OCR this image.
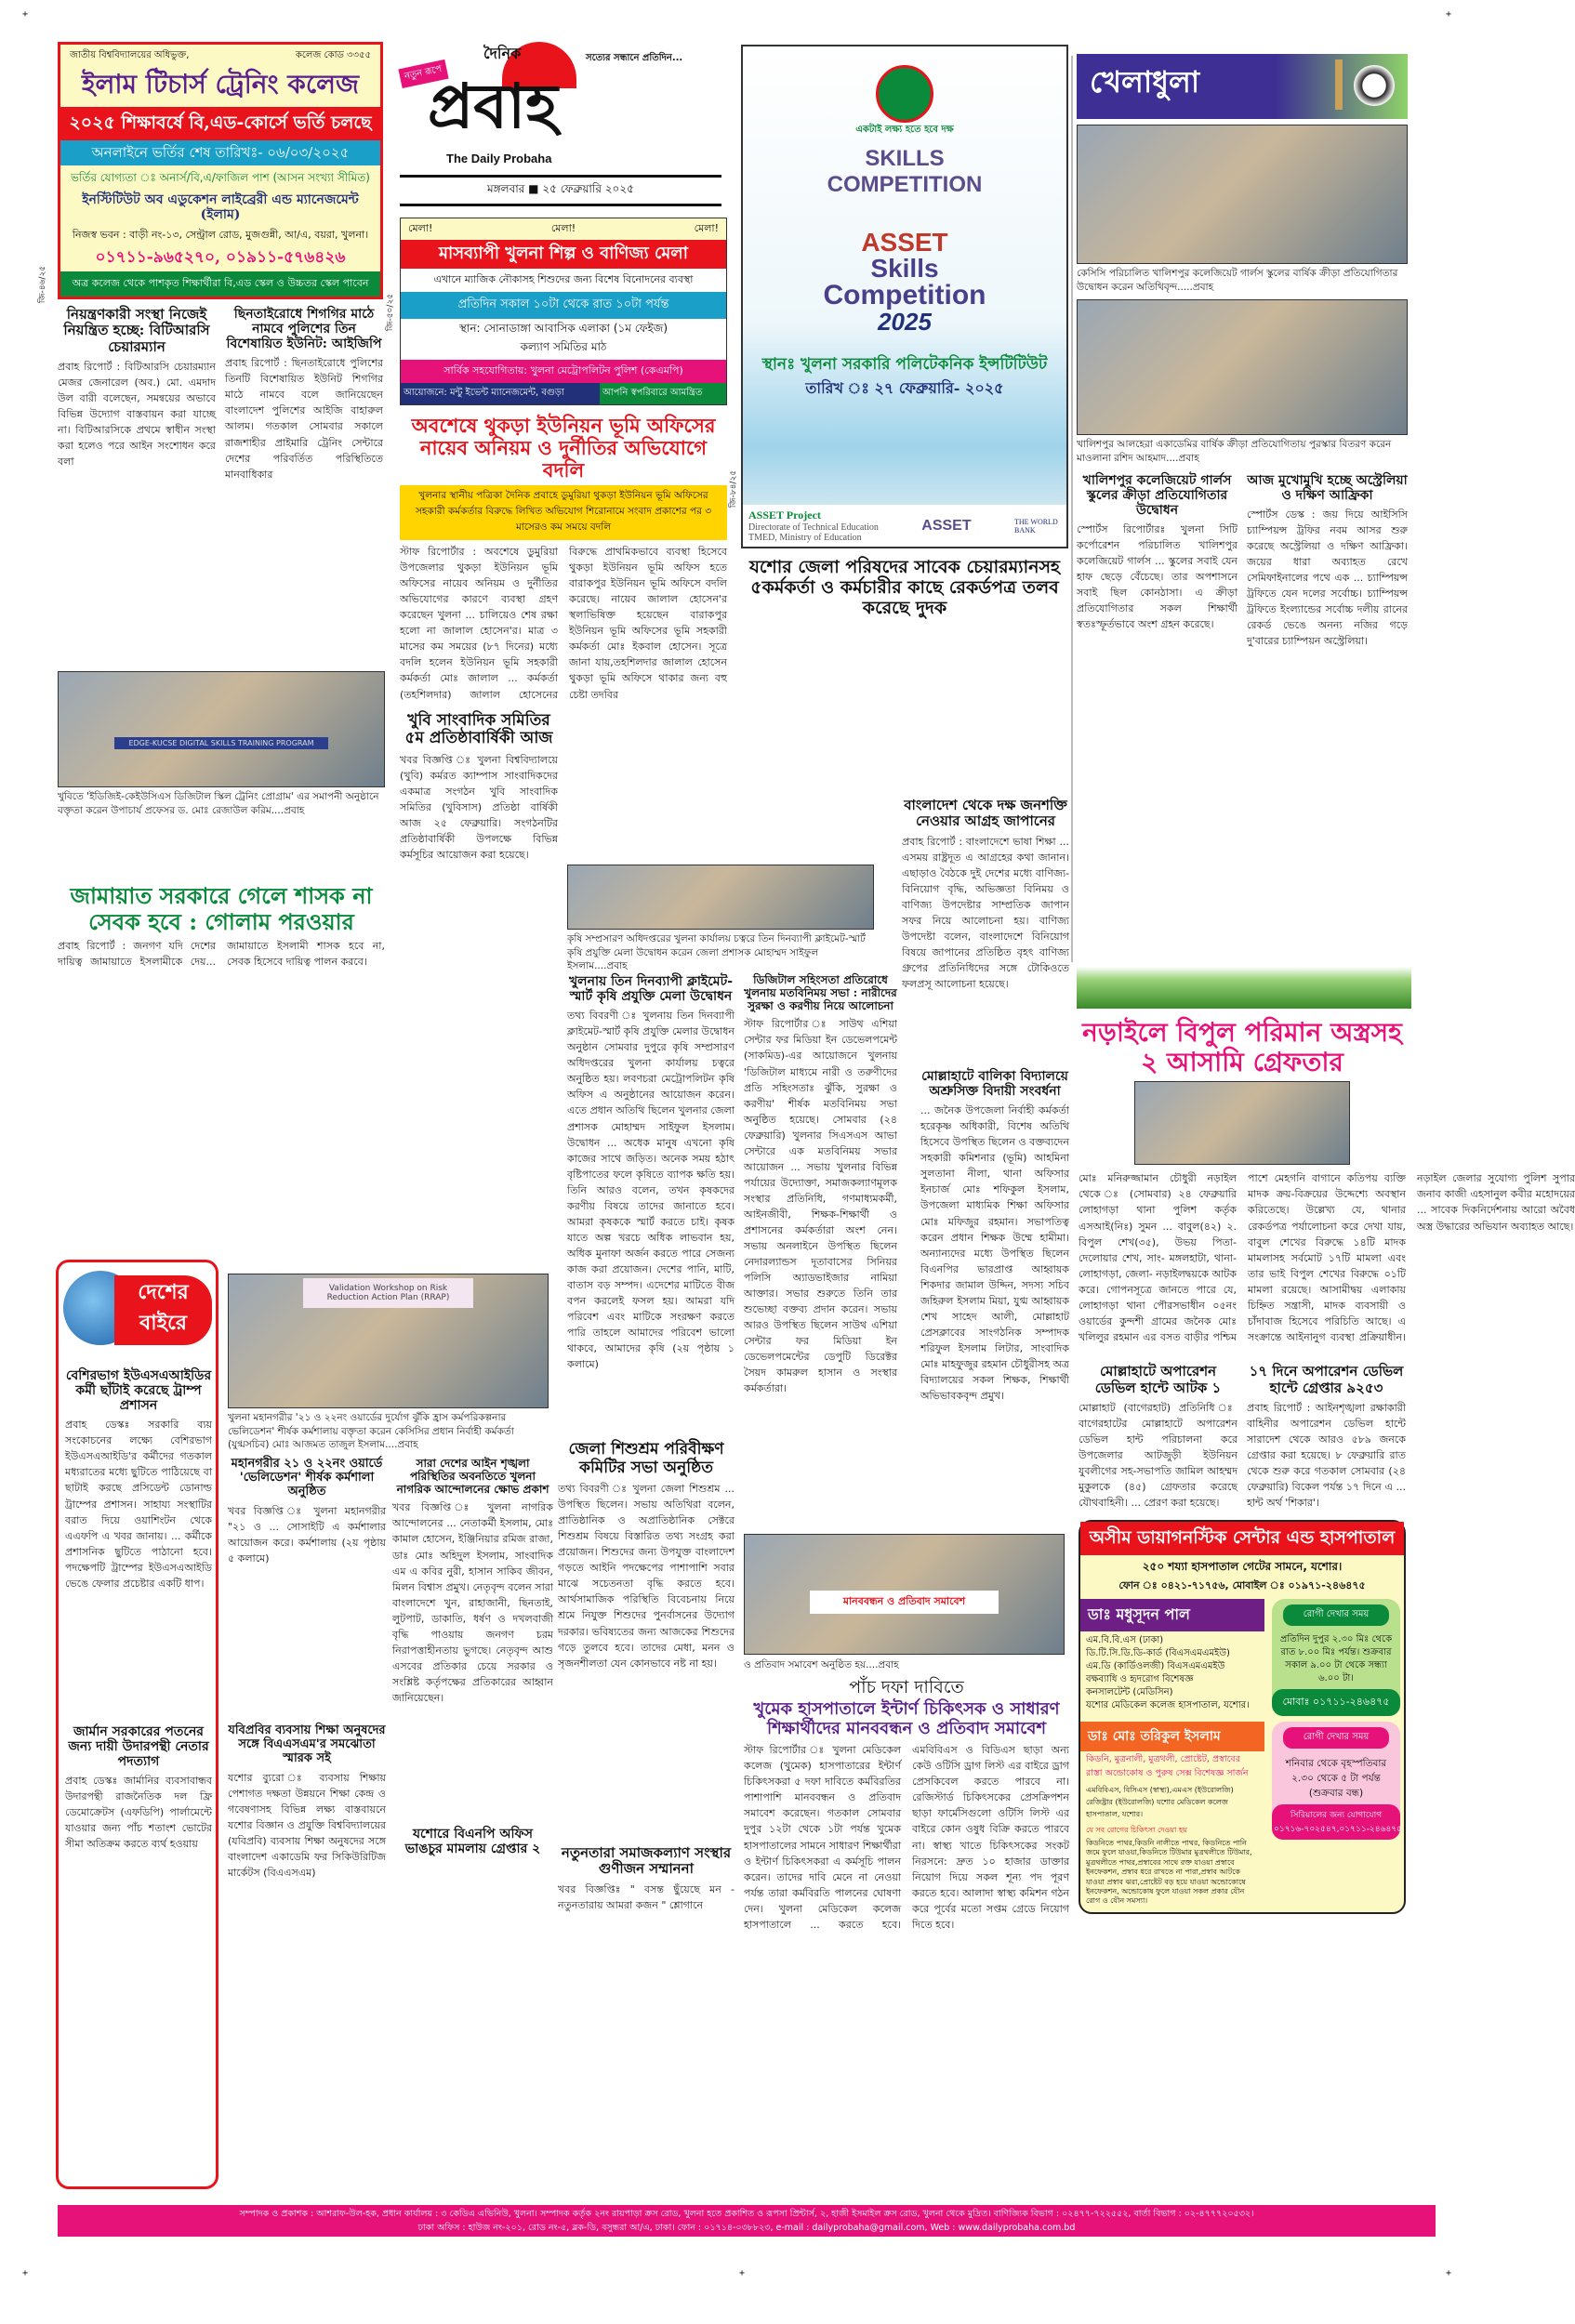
+	+
+	+	+
জাতীয় বিশ্ববিদ্যালয়ের অধিভুক্ত,	কলেজ কোড ৩৩৫৫
ইলাম টিচার্স ট্রেনিং কলেজ
২০২৫ শিক্ষাবর্ষে বি,এড-কোর্সে ভর্তি চলছে
অনলাইনে ভর্তির শেষ তারিখঃ- ০৬/০৩/২০২৫
ভর্তির যোগ্যতা ঃ অনার্স/বি,এ/ফাজিল পাশ (আসন সংখ্যা সীমিত)
ইনস্টিটিউট অব এডুকেশন লাইব্রেরী এন্ড ম্যানেজমেন্ট (ইলাম)
নিজস্ব ভবন : বাড়ী নং-১৩, সেন্ট্রাল রোড, মুজগুন্নী, আ/এ, বয়রা, খুলনা।
০১৭১১-৯৬৫২৭০, ০১৯১১-৫৭৬৪২৬
অত্র কলেজ থেকে পাশকৃত শিক্ষার্থীরা বি,এড স্কেল ও উচ্চতর স্কেল পাবেন
নিয়ন্ত্রণকারী সংস্থা নিজেই নিয়ন্ত্রিত হচ্ছে: বিটিআরসি চেয়ারম্যান
প্রবাহ রিপোর্ট : বিটিআরসি চেয়ারম্যান মেজর জেনারেল (অব.) মো. এমদাদ উল বারী বলেছেন, সমন্বয়ের অভাবে বিভিন্ন উদ্যোগ বাস্তবায়ন করা যাচ্ছে না। বিটিআরসিকে প্রথমে স্বাধীন সংস্থা করা হলেও পরে আইন সংশোধন করে বলা
ছিনতাইরোধে শিগগির মাঠে নামবে পুলিশের তিন বিশেষায়িত ইউনিট: আইজিপি
প্রবাহ রিপোর্ট : ছিনতাইরোধে পুলিশের তিনটি বিশেষায়িত ইউনিট শিগগির মাঠে নামবে বলে জানিয়েছেন বাংলাদেশ পুলিশের আইজি বাহারুল আলম। গতকাল সোমবার সকালে রাজশাহীর প্রাইমারি ট্রেনিং সেন্টারে দেশের পরিবর্তিত পরিস্থিতিতে মানবাধিকার
জি-৪৬/২৫
নতুন রূপে
দৈনিক	সত্যের সন্ধানে প্রতিদিন...
প্রবাহ
The Daily Probaha
মঙ্গলবার ■ ২৫ ফেব্রুয়ারি ২০২৫
মেলা!	মেলা!	মেলা!
মাসব্যাপী খুলনা শিল্প ও বাণিজ্য মেলা
এখানে ম্যাজিক নৌকাসহ শিশুদের জন্য বিশেষ বিনোদনের ব্যবস্থা
প্রতিদিন সকাল ১০টা থেকে রাত ১০টা পর্যন্ত
স্থান: সোনাডাঙ্গা আবাসিক এলাকা (১ম ফেইজ)
কল্যাণ সমিতির মাঠ
সার্বিক সহযোগিতায়: খুলনা মেট্রোপলিটন পুলিশ (কেএমপি)
আয়োজনে: মন্টু ইভেন্ট ম্যানেজমেন্ট, বগুড়া	আপনি স্বপরিবারে আমন্ত্রিত
অবশেষে থুকড়া ইউনিয়ন ভূমি অফিসের নায়েব অনিয়ম ও দুর্নীতির অভিযোগে বদলি
খুলনার স্থানীয় পত্রিকা দৈনিক প্রবাহে ডুমুরিয়া থুকড়া ইউনিয়ন ভূমি অফিসের সহকারী কর্মকর্তার বিরুদ্ধে লিখিত অভিযোগ শিরোনামে সংবাদ প্রকাশের পর ৩ মাসেরও কম সময়ে বদলি
স্টাফ রিপোর্টার : অবশেষে ডুমুরিয়া উপজেলার থুকড়া ইউনিয়ন ভূমি অফিসের নায়েব অনিয়ম ও দুর্নীতির অভিযোগের কারণে ব্যবস্থা গ্রহণ করেছেন খুলনা ... চালিয়েও শেষ রক্ষা হলো না জালাল হোসেন'র। মাত্র ৩ মাসের কম সময়ের (৮৭ দিনের) মধ্যে বদলি হলেন ইউনিয়ন ভূমি সহকারী কর্মকর্তা মোঃ জালাল ... কর্মকর্তা (তহশিলদার) জালাল হোসেনের বিরুদ্ধে প্রাথমিকভাবে ব্যবস্থা হিসেবে থুকড়া ইউনিয়ন ভূমি অফিস হতে বারাকপুর ইউনিয়ন ভূমি অফিসে বদলি করেছে। নায়েব জালাল হোসেন'র স্থলাভিষিক্ত হয়েছেন বারাকপুর ইউনিয়ন ভূমি অফিসের ভূমি সহকারী কর্মকর্তা মোঃ ইকবাল হোসেন। সূত্রে জানা যায়,তহশিলদার জালাল হোসেন থুকড়া ভূমি অফিসে থাকার জন্য বহু চেষ্টা তদবির
খুবি সাংবাদিক সমিতির ৫ম প্রতিষ্ঠাবার্ষিকী আজ
খবর বিজ্ঞপ্তি ঃ খুলনা বিশ্ববিদ্যালয়ে (খুবি) কর্মরত ক্যাম্পাস সাংবাদিকদের একমাত্র সংগঠন খুবি সাংবাদিক সমিতির (খুবিসাস) প্রতিষ্ঠা বার্ষিকী আজ ২৫ ফেব্রুয়ারি। সংগঠনটির প্রতিষ্ঠাবার্ষিকী উপলক্ষে বিভিন্ন কর্মসূচির আয়োজন করা হয়েছে।
জি-৫০/২৫
একটাই লক্ষ্য হতে হবে দক্ষ
SKILLS
COMPETITION
ASSET
Skills
Competition
2025
স্থানঃ খুলনা সরকারি পলিটেকনিক ইন্সটিটিউট
তারিখ ঃ ২৭ ফেব্রুয়ারি- ২০২৫
ASSET Project
Directorate of Technical Education
TMED, Ministry of Education
ASSET	THE WORLD BANK
জি-৮৪/২৫
খেলাধুলা
কেসিসি পরিচালিত খালিশপুর কলেজিয়েট গার্লস স্কুলের বার্ষিক ক্রীড়া প্রতিযোগিতার উদ্বোধন করেন অতিথিবৃন্দ.....প্রবাহ
খালিশপুর আলহেরা একাডেমির বার্ষিক ক্রীড়া প্রতিযোগিতায় পুরস্কার বিতরণ করেন মাওলানা রশিদ আহমাদ....প্রবাহ
খালিশপুর কলেজিয়েট গার্লস স্কুলের ক্রীড়া প্রতিযোগিতার উদ্বোধন
স্পোর্টস রিপোর্টারঃ খুলনা সিটি কর্পোরেশন পরিচালিত খালিশপুর কলেজিয়েট গার্লস ... স্কুলের সবাই যেন হাফ ছেড়ে বেঁচেছে। তার অপশাসনে সবাই ছিল কোনঠাসা। এ ক্রীড়া প্রতিযোগিতার সকল শিক্ষার্থী স্বতঃস্ফূর্তভাবে অংশ গ্রহন করেছে।
আজ মুখোমুখি হচ্ছে অস্ট্রেলিয়া ও দক্ষিণ আফ্রিকা
স্পোর্টস ডেস্ক : জয় দিয়ে আইসিসি চ্যাম্পিয়ন্স ট্রফির নবম আসর শুরু করেছে অস্ট্রেলিয়া ও দক্ষিণ আফ্রিকা। জয়ের ধারা অব্যাহত রেখে সেমিফাইনালের পথে এক ... চ্যাম্পিয়ন্স ট্রফিতে যেন দলের সর্বোচ্চ। চ্যাম্পিয়ন্স ট্রফিতে ইংল্যান্ডের সর্বোচ্চ দলীয় রানের রেকর্ড ভেঙে অনন্য নজির গড়ে দু'বারের চ্যাম্পিয়ন অস্ট্রেলিয়া।
জামায়াত সরকারে গেলে শাসক না সেবক হবে : গোলাম পরওয়ার
প্রবাহ রিপোর্ট : জনগণ যদি দেশের দায়িত্ব জামায়াতে ইসলামীকে দেয়... জামায়াতে ইসলামী শাসক হবে না, সেবক হিসেবে দায়িত্ব পালন করবে।
যশোর জেলা পরিষদের সাবেক চেয়ারম্যানসহ ৫কর্মকর্তা ও কর্মচারীর কাছে রেকর্ডপত্র তলব করেছে দুদক
বাংলাদেশ থেকে দক্ষ জনশক্তি নেওয়ার আগ্রহ জাপানের
প্রবাহ রিপোর্ট : বাংলাদেশে ভাষা শিক্ষা ... এসময় রাষ্ট্রদূত এ আগ্রহের কথা জানান। এছাড়াও বৈঠকে দুই দেশের মধ্যে বাণিজ্য-বিনিয়োগ বৃদ্ধি, অভিজ্ঞতা বিনিময় ও বাণিজ্য উপদেষ্টার সাম্প্রতিক জাপান সফর নিয়ে আলোচনা হয়। বাণিজ্য উপদেষ্টা বলেন, বাংলাদেশে বিনিয়োগ বিষয়ে জাপানের প্রতিষ্ঠিত বৃহৎ বাণিজ্য গ্রুপের প্রতিনিধিদের সঙ্গে টোকিওতে ফলপ্রসূ আলোচনা হয়েছে।
খুলনায় তিন দিনব্যাপী ক্লাইমেট-স্মার্ট কৃষি প্রযুক্তি মেলা উদ্বোধন
তথ্য বিবরণী ঃ খুলনায় তিন দিনব্যাপী ক্লাইমেট-স্মার্ট কৃষি প্রযুক্তি মেলার উদ্বোধন অনুষ্ঠান সোমবার দুপুরে কৃষি সম্প্রসারণ অধিদপ্তরের খুলনা কার্যালয় চত্বরে অনুষ্ঠিত হয়। লবণচরা মেট্রোপলিটন কৃষি অফিস এ অনুষ্ঠানের আয়োজন করেন। এতে প্রধান অতিথি ছিলেন খুলনার জেলা প্রশাসক মোহাম্মদ সাইফুল ইসলাম। উদ্বোধন ... অধেক মানুষ এখনো কৃষি কাজের সাথে জড়িত। অনেক সময় হঠাৎ বৃষ্টিপাতের ফলে কৃষিতে ব্যাপক ক্ষতি হয়। তিনি আরও বলেন, তখন কৃষকদের করণীয় বিষয়ে তাদের জানাতে হবে। আমরা কৃষককে স্মার্ট করতে চাই। কৃষক যাতে অল্প খরচে অধিক লাভবান হয়, অধিক মুনাফা অর্জন করতে পারে সেজন্য কাজ করা প্রয়োজন। দেশের পানি, মাটি, বাতাস বড় সম্পদ। এদেশের মাটিতে বীজ বপন করলেই ফসল হয়। আমরা যদি পরিবেশ এবং মাটিকে সংরক্ষণ করতে পারি তাহলে আমাদের পরিবেশ ভালো থাকবে, আমাদের কৃষি (২য় পৃষ্ঠায় ১ কলামে)
ডিজিটাল সহিংসতা প্রতিরোধে খুলনায় মতবিনিময় সভা : নারীদের সুরক্ষা ও করণীয় নিয়ে আলোচনা
স্টাফ রিপোর্টার ঃ সাউথ এশিয়া সেন্টার ফর মিডিয়া ইন ডেভেলপমেন্ট (সাকমিড)-এর আয়োজনে খুলনায় 'ডিজিটাল মাধ্যমে নারী ও তরুণীদের প্রতি সহিংসতাঃ ঝুঁকি, সুরক্ষা ও করণীয়' শীর্ষক মতবিনিময় সভা অনুষ্ঠিত হয়েছে। সোমবার (২৪ ফেব্রুয়ারি) খুলনার সিএসএস আভা সেন্টারে এক মতবিনিময় সভার আয়োজন ... সভায় খুলনার বিভিন্ন পর্যায়ের উদ্যোক্তা, সমাজকল্যাণমূলক সংস্থার প্রতিনিধি, গণমাধ্যমকর্মী, আইনজীবী, শিক্ষক-শিক্ষার্থী ও প্রশাসনের কর্মকর্তারা অংশ নেন। সভায় অনলাইনে উপস্থিত ছিলেন নেদারল্যান্ডস দূতাবাসের সিনিয়র পলিসি অ্যাডভাইজার নামিয়া আক্তার। সভার শুরুতে তিনি তার শুভেচ্ছা বক্তব্য প্রদান করেন। সভায় আরও উপস্থিত ছিলেন সাউথ এশিয়া সেন্টার ফর মিডিয়া ইন ডেভেলপমেন্টের ডেপুটি ডিরেক্টর সৈয়দ কামরুল হাসান ও সংস্থার কর্মকর্তারা।
মোল্লাহাটে বালিকা বিদ্যালয়ে অশ্রুসিক্ত বিদায়ী সংবর্ধনা
... জনৈক উপজেলা নির্বাহী কর্মকর্তা হরেকৃষ্ণ অধিকারী, বিশেষ অতিথি হিসেবে উপস্থিত ছিলেন ও বক্তব্যদেন সহকারী কমিশনার (ভূমি) আহমিনা সুলতানা নীলা, থানা অফিসার ইনচার্জ মোঃ শফিকুল ইসলাম, উপজেলা মাধ্যমিক শিক্ষা অফিসার মোঃ মফিজুর রহমান। সভাপতিত্ব করেন প্রধান শিক্ষক উম্মে হামীমা। অন্যান্যদের মধ্যে উপস্থিত ছিলেন বিএনপির ভারপ্রাপ্ত আহ্বায়ক শিকদার জামাল উদ্দিন, সদস্য সচিব জহিরুল ইসলাম মিয়া, যুগ্ম আহ্বায়ক শেখ সাহেদ আলী, মোল্লাহাট প্রেসক্লাবের সাংগঠনিক সম্পাদক শরিফুল ইসলাম লিটার, সাংবাদিক মোঃ মাহফুজুর রহমান চৌধুরীসহ অত্র বিদ্যালয়ের সকল শিক্ষক, শিক্ষার্থী অভিভাবকবৃন্দ প্রমুখ।
বেশিরভাগ ইউএসএআইডির কর্মী ছাঁটাই করেছে ট্রাম্প প্রশাসন
প্রবাহ ডেস্কঃ সরকারি ব্যয় সংকোচনের লক্ষ্যে বেশিরভাগ ইউএসএআইডি'র কর্মীদের গতকাল মধ্যরাতের মধ্যে ছুটিতে পাঠিয়েছে বা ছাটাই করছে প্রসিডেন্ট ডোনাল্ড ট্রাম্পের প্রশাসন। সাহায্য সংস্থাটির বরাত দিয়ে ওয়াশিংটন থেকে এএফপি এ খবর জানায়। ... কর্মীকে প্রশাসনিক ছুটিতে পাঠানো হবে। পদক্ষেপটি ট্রাম্পের ইউএসএআইডি ভেঙে ফেলার প্রচেষ্টার একটি ধাপ।
জার্মান সরকারের পতনের জন্য দায়ী উদারপন্থী নেতার পদত্যাগ
প্রবাহ ডেস্কঃ জার্মানির ব্যবসাবান্ধব উদারপন্থী রাজনৈতিক দল ফ্রি ডেমোক্রেটস (এফডিপি) পার্লামেন্টে যাওয়ার জন্য পাঁচ শতাংশ ভোটের সীমা অতিক্রম করতে ব্যর্থ হওয়ায়
মহানগরীর ২১ ও ২২নং ওয়ার্ডে 'ভেলিডেশন' শীর্ষক কর্মশালা অনুষ্ঠিত
খবর বিজ্ঞপ্তি ঃ খুলনা মহানগরীর "২১ ও ... সোসাইটি এ কর্মশালার আয়োজন করে। কর্মশালায় (২য় পৃষ্ঠায় ৫ কলামে)
সারা দেশের আইন শৃঙ্খলা পরিস্থিতির অবনতিতে খুলনা নাগরিক আন্দোলনের ক্ষোভ প্রকাশ
খবর বিজ্ঞপ্তি ঃ খুলনা নাগরিক আন্দোলনের ... নেতাকর্মী ইসলাম, মোঃ কামাল হোসেন, ইঞ্জিনিয়ার রমিজ রাজা, ডাঃ মোঃ অহিদুল ইসলাম, সাংবাদিক এম এ কবির নুরী, হাসান সাকিব জীবন, মিলন বিশ্বাস প্রমুখ। নেতৃবৃন্দ বলেন সারা বাংলাদেশে খুন, রাহাজানী, ছিনতাই, লুটপাট, ডাকাতি, ধর্ষণ ও দখলবাজী বৃদ্ধি পাওয়ায় জনগণ চরম নিরাপত্তাহীনতায় ভুগছে। নেতৃবৃন্দ আশু এসবের প্রতিকার চেয়ে সরকার ও সংশ্লিষ্ট কর্তৃপক্ষের প্রতিকারের আহ্বান জানিয়েছেন।
জেলা শিশুশ্রম পরিবীক্ষণ কমিটির সভা অনুষ্ঠিত
তথ্য বিবরণী ঃ খুলনা জেলা শিশুশ্রম ... উপস্থিত ছিলেন। সভায় অতিথিরা বলেন, প্রাতিষ্ঠানিক ও অপ্রাতিষ্ঠানিক সেক্টরে শিশুশ্রম বিষয়ে বিস্তারিত তথ্য সংগ্রহ করা প্রয়োজন। শিশুদের জন্য উপযুক্ত বাংলাদেশ গড়তে আইনি পদক্ষেপের পাশাপাশি সবার মাঝে সচেতনতা বৃদ্ধি করতে হবে। আর্থসামাজিক পরিস্থিতি বিবেচনায় নিয়ে শ্রমে নিযুক্ত শিশুদের পুনর্বাসনের উদ্যোগ দরকার। ভবিষ্যতের জন্য আজকের শিশুদের গড়ে তুলবে হবে। তাদের মেধা, মনন ও সৃজনশীলতা যেন কোনভাবে নষ্ট না হয়।
পাঁচ দফা দাবিতে
খুমেক হাসপাতালে ইন্টার্ণ চিকিৎসক ও সাধারণ শিক্ষার্থীদের মানববন্ধন ও প্রতিবাদ সমাবেশ
স্টাফ রিপোর্টার ঃ খুলনা মেডিকেল কলেজ (খুমেক) হাসপাতারের ইন্টার্ণ চিকিৎসকরা ৫ দফা দাবিতে কর্মবিরতির পাশাপাশি মানববন্ধন ও প্রতিবাদ সমাবেশ করেছেন। গতকাল সোমবার দুপুর ১২টা থেকে ১টা পর্যন্ত খুমেক হাসপাতালের সামনে সাধারণ শিক্ষার্থীরা ও ইন্টার্ণ চিকিৎসকরা এ কর্মসূচি পালন করেন। তাদের দাবি মেনে না নেওয়া পর্যন্ত তারা কর্মবিরতি পালনের ঘোষণা দেন। খুলনা মেডিকেল কলেজ হাসপাতালে ... করতে হবে। এমবিবিএস ও বিডিএস ছাড়া অন্য কেউ ওটিসি ড্রাগ লিস্ট এর বাইরে ড্রাগ প্রেসকিবেল করতে পারবে না। রেজিস্টার্ড চিকিৎসকের প্রেসক্রিপশন ছাড়া ফার্মেসিগুলো ওটিসি লিস্ট এর বাইরে কোন ওষুধ বিক্রি করতে পারবে না। স্বাস্থ্য খাতে চিকিৎসকের সংকট নিরসনে: দ্রুত ১০ হাজার ডাক্তার নিয়োগ দিয়ে সকল শূন্য পদ পূরণ করতে হবে। আলাদা স্বাস্থ্য কমিশন গঠন করে পূর্বের মতো সপ্তম গ্রেডে নিয়োগ দিতে হবে।
যবিপ্রবির ব্যবসায় শিক্ষা অনুষদের সঙ্গে বিএএসএম'র সমঝোতা স্মারক সই
যশোর ব্যুরো ঃ ব্যবসায় শিক্ষায় পেশাগত দক্ষতা উন্নয়নে শিক্ষা কেন্দ্র ও গবেষণাসহ বিভিন্ন লক্ষ্য বাস্তবায়নে যশোর বিজ্ঞান ও প্রযুক্তি বিশ্ববিদ্যালয়ের (যবিপ্রবি) ব্যবসায় শিক্ষা অনুষদের সঙ্গে বাংলাদেশ একাডেমি ফর সিকিউরিটিজ মার্কেটস (বিএএসএম)
যশোরে বিএনপি অফিস ভাঙচুর মামলায় গ্রেপ্তার ২	নতুনতারা সমাজকল্যাণ সংস্থার গুণীজন সম্মাননা
খবর বিজ্ঞপ্তিঃ " বসন্ত ছুঁয়েছে মন - নতুনতারায় আমরা কজন " শ্লোগানে
EDGE-KUCSE DIGITAL SKILLS TRAINING PROGRAM
খুবিতে 'ইডিজিই-কেইউসিএস ডিজিটাল স্কিল ট্রেনিং প্রোগ্রাম' এর সমাপনী অনুষ্ঠানে বক্তৃতা করেন উপাচার্য প্রফেসর ড. মোঃ রেজাউল করিম....প্রবাহ
কৃষি সম্প্রসারণ অধিদপ্তরের খুলনা কার্যালয় চত্বরে তিন দিনব্যাপী ক্লাইমেট-স্মার্ট কৃষি প্রযুক্তি মেলা উদ্বোধন করেন জেলা প্রশাসক মোহাম্মদ সাইফুল ইসলাম....প্রবাহ
Validation Workshop on Risk Reduction Action Plan (RRAP)
খুলনা মহানগরীর '২১ ও ২২নং ওয়ার্ডের দুর্যোগ ঝুঁকি হ্রাস কর্মপরিকল্পনার ভেলিডেশন' শীর্ষক কর্মশালায় বক্তৃতা করেন কেসিসির প্রধান নির্বাহী কর্মকর্তা (যুগ্মসচিব) মোঃ আজমত তাজুল ইসলাম....প্রবাহ
মানববন্ধন ও প্রতিবাদ সমাবেশ
ও প্রতিবাদ সমাবেশ অনুষ্ঠিত হয়....প্রবাহ
দেশের
বাইরে
নড়াইলে বিপুল পরিমান অস্ত্রসহ ২ আসামি গ্রেফতার
মোঃ মনিরুজ্জামান চৌধুরী নড়াইল থেকে ঃ (সোমবার) ২৪ ফেব্রুয়ারি লোহাগড়া থানা পুলিশ কর্তৃক এসআই(নিঃ) সুমন ... বাবুল(৪২) ২. বিপুল শেখ(৩৫), উভয় পিতা- দেলোয়ার শেখ, সাং- মঙ্গলহাটা, থানা- লোহাগড়া, জেলা- নড়াইলদ্বয়কে আটক করে। গোপনসূত্রে জানতে পারে যে, লোহাগড়া থানা পৌরসভাধীন ০৫নং ওয়ার্ডের কুন্দশী গ্রামের জনৈক মোঃ খলিলুর রহমান এর বসত বাড়ীর পশ্চিম পাশে মেহগনি বাগানে কতিপয় ব্যক্তি মাদক ক্রয়-বিক্রয়ের উদ্দেশ্যে অবস্থান করিতেছে। উল্লেখ্য যে, থানার রেকর্ডপত্র পর্যালোচনা করে দেখা যায়, বাবুল শেখের বিরুদ্ধে ১৪টি মাদক মামলাসহ সর্বমোট ১৭টি মামলা এবং তার ভাই বিপুল শেখের বিরুদ্ধে ০১টি মামলা রয়েছে। আসামীদ্বয় এলাকায় চিহ্নিত সন্ত্রাসী, মাদক ব্যবসায়ী ও চাঁদাবাজ হিসেবে পরিচিতি আছে। এ সংক্রান্তে আইনানুগ ব্যবস্থা প্রক্রিয়াধীন। নড়াইল জেলার সুযোগ্য পুলিশ সুপার জনাব কাজী এহসানুল কবীর মহোদয়ের ... সাবেক দিকনির্দেশনায় আরো অবৈধ অস্ত্র উদ্ধারের অভিযান অব্যাহত আছে।
মোল্লাহাটে অপারেশন ডেভিল হান্টে আটক ১
মোল্লাহাট (বাগেরহাট) প্রতিনিধি ঃ বাগেরহাটের মোল্লাহাটে অপারেশন ডেভিল হান্ট পরিচালনা করে উপজেলার আটজুড়ী ইউনিয়ন যুবলীগের সহ-সভাপতি জামিল আহম্মদ মুকুলকে (৪৫) গ্রেফতার করেছে যৌথবাহিনী। ... প্রেরণ করা হয়েছে।
১৭ দিনে অপারেশন ডেভিল হান্টে গ্রেপ্তার ৯২৫৩
প্রবাহ রিপোর্ট : আইনশৃঙ্খলা রক্ষাকারী বাহিনীর অপারেশন ডেভিল হান্টে সারাদেশ থেকে আরও ৫৮৯ জনকে গ্রেপ্তার করা হয়েছে। ৮ ফেব্রুয়ারি রাত থেকে শুরু করে গতকাল সোমবার (২৪ ফেব্রুয়ারি) বিকেল পর্যন্ত ১৭ দিনে এ ... হান্ট অর্থ 'শিকার'।
অসীম ডায়াগনস্টিক সেন্টার এন্ড হাসপাতাল
২৫০ শয্যা হাসপাতাল গেটের সামনে, যশোর।
ফোন ঃ ০৪২১-৭১৭৫৬, মোবাইল ঃ ০১৯৭১-২৪৬৪৭৫
ডাঃ মধুসূদন পাল
এম.বি.বি.এস (ঢাকা)
ডি.টি.সি.ডি.ডি-কার্ড (বিএসএমএমইউ)
এম.ডি (কার্ডিওলজী) বিএসএমএমইউ
বক্ষব্যাধি ও হৃদরোগ বিশেষজ্ঞ
কনসালটেন্ট (মেডিসিন)
যশোর মেডিকেল কলেজ হাসপাতাল, যশোর।
রোগী দেখার সময়
প্রতিদিন দুপুর ২.৩০ মিঃ থেকে রাত ৮.০০ মিঃ পর্যন্ত। শুক্রবার সকাল ৯.০০ টা থেকে সন্ধ্যা ৬.০০ টা।
মোবাঃ ০১৭১১-২৪৬৪৭৫
ডাঃ মোঃ তরিকুল ইসলাম
কিডনি, মুত্রনালী, মুত্রথলী, প্রোষ্টেট, প্রস্বাবের রাস্তা অন্ডোকোষ ও পুরুষ সেক্স বিশেষজ্ঞ সার্জন
এমবিবিএস, বিসিএস (স্বাস্থ্য),এমএস (ইউরোলজি) রেজিষ্ট্রার (ইউরোলজি) যশোর মেডিকেল কলেজ হাসপাতাল, যশোর।
যে সব রোগের চিকিৎসা দেওয়া হয়
কিডনিতে পাথর,কিডনি নালীতে পাথর, কিডনিতে পানি জমে ফুলে যাওয়া,কিডনিতে টিউমার মুত্রথলীতে টিউমার, মুত্রথলীতে পাথর,প্রস্বাবের সাথে রক্ত যাওয়া প্রস্বাবে ইনফেকশন, প্রস্বাব ধরে রাখতে না পারা,প্রস্বাব আটকে যাওয়া প্রস্বাব ঝরা,প্রোষ্টেট বড় হয়ে যাওয়া অন্ডোকোষে ইনফেকশন, অন্ডোকোষ ফুলে যাওয়া সকল প্রকার যৌন রোগ ও যৌন সমস্যা।
রোগী দেখার সময়
শনিবার থেকে বৃহস্পতিবার ২.৩০ থেকে ৫ টা পর্যন্ত (শুক্রবার বন্ধ)
সিরিয়ালের জন্য যোগাযোগ
০১৭১৬-৭০২৫৪৭,০১৭১১-২৪৬৪৭৫
সম্পাদক ও প্রকাশক : আশরাফ-উল-হক, প্রধান কার্যালয় : ৩ কেডিএ এভিনিউ, খুলনা। সম্পাদক কর্তৃক ২নং রায়পাড়া ক্রস রোড, খুলনা হতে প্রকাশিত ও রূপসা প্রিন্টার্স, ২, হাজী ইসমাইল ক্রস রোড, খুলনা থেকে মুদ্রিত। বাণিজ্যিক বিভাগ : ০২৪৭৭-৭২২৫৫২, বার্তা বিভাগ : ০২-৪৭৭৭২০৫৩২।
ঢাকা অফিস : হাউজ নং-২০১, রোড নং-৫, ব্লক-ডি, বসুন্ধরা আ/এ, ঢাকা। ফোন : ০১৭১৪-০৩৮৮২৩, e-mail : dailyprobaha@gmail.com, Web : www.dailyprobaha.com.bd
